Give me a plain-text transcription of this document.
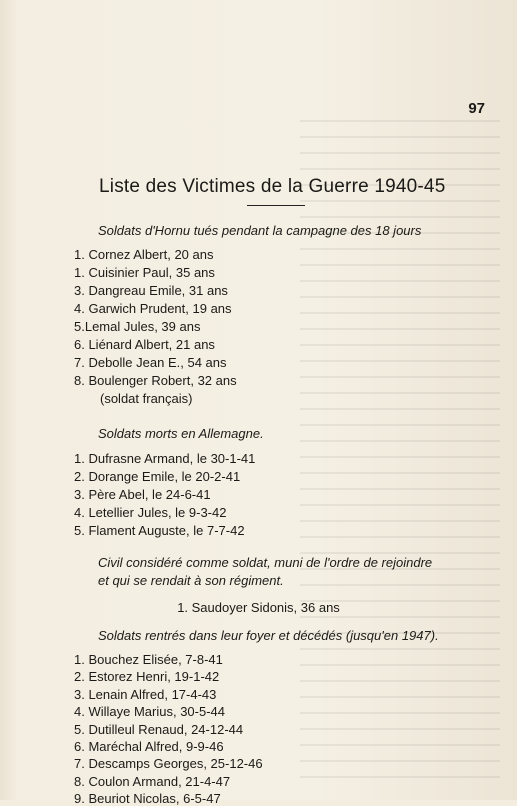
97
Liste des Victimes de la Guerre 1940-45
Soldats d'Hornu tués pendant la campagne des 18 jours
1. Cornez Albert, 20 ans
1. Cuisinier Paul, 35 ans
3. Dangreau Emile, 31 ans
4. Garwich Prudent, 19 ans
5.Lemal Jules, 39 ans
6. Liénard Albert, 21 ans
7. Debolle Jean E., 54 ans
8. Boulenger Robert, 32 ans
(soldat français)
Soldats morts en Allemagne.
1. Dufrasne Armand, le 30-1-41
2. Dorange Emile, le 20-2-41
3. Père Abel, le 24-6-41
4. Letellier Jules, le 9-3-42
5. Flament Auguste, le 7-7-42
Civil considéré comme soldat, muni de l'ordre de rejoindre
et qui se rendait à son régiment.
1. Saudoyer Sidonis, 36 ans
Soldats rentrés dans leur foyer et décédés (jusqu'en 1947).
1. Bouchez Elisée, 7-8-41
2. Estorez Henri, 19-1-42
3. Lenain Alfred, 17-4-43
4. Willaye Marius, 30-5-44
5. Dutilleul Renaud, 24-12-44
6. Maréchal Alfred, 9-9-46
7. Descamps Georges, 25-12-46
8. Coulon Armand, 21-4-47
9. Beuriot Nicolas, 6-5-47
